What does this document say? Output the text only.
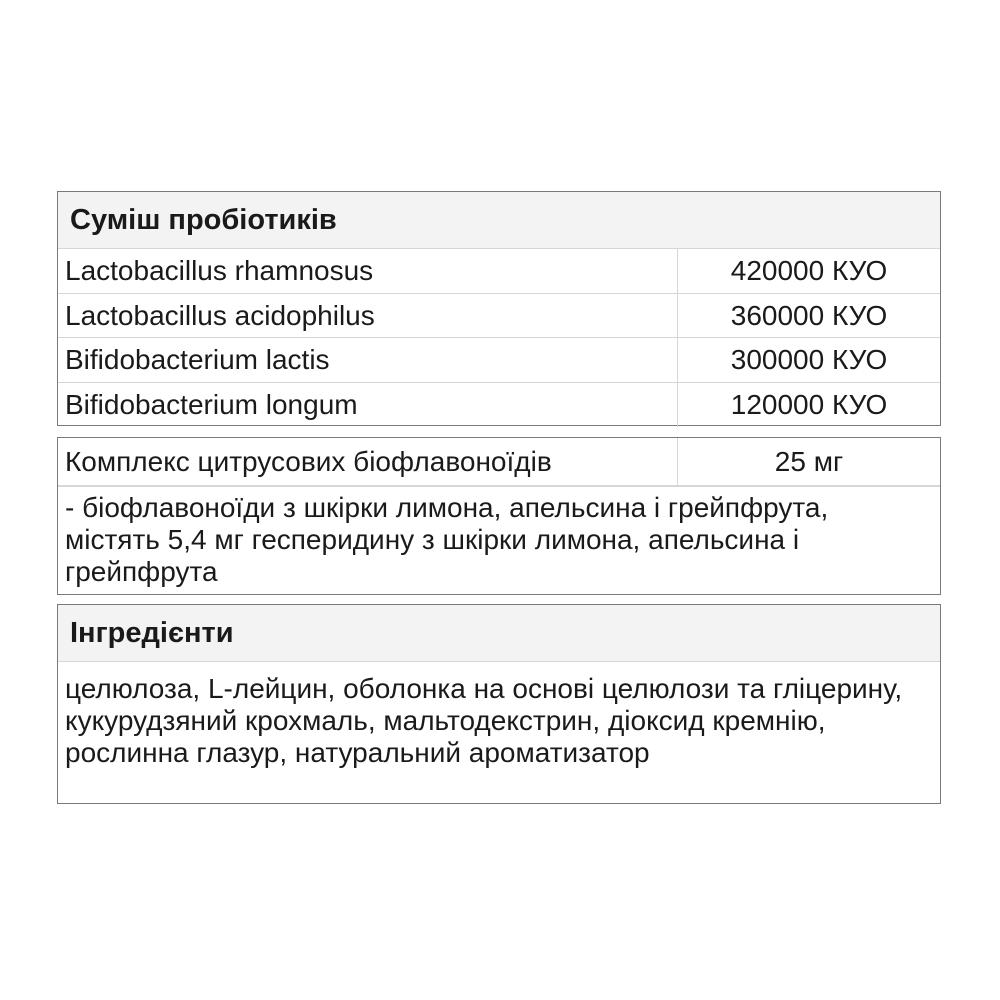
Суміш пробіотиків
Lactobacillus rhamnosus	420000 КУО
Lactobacillus acidophilus	360000 КУО
Bifidobacterium lactis	300000 КУО
Bifidobacterium longum	120000 КУО
Комплекс цитрусових біофлавоноїдів	25 мг
- біофлавоноїди з шкірки лимона, апельсина і грейпфрута, містять 5,4 мг гесперидину з шкірки лимона, апельсина і грейпфрута
Інгредієнти
целюлоза, L-лейцин, оболонка на основі целюлози та гліцерину, кукурудзяний крохмаль, мальтодекстрин, діоксид кремнію, рослинна глазур, натуральний ароматизатор
